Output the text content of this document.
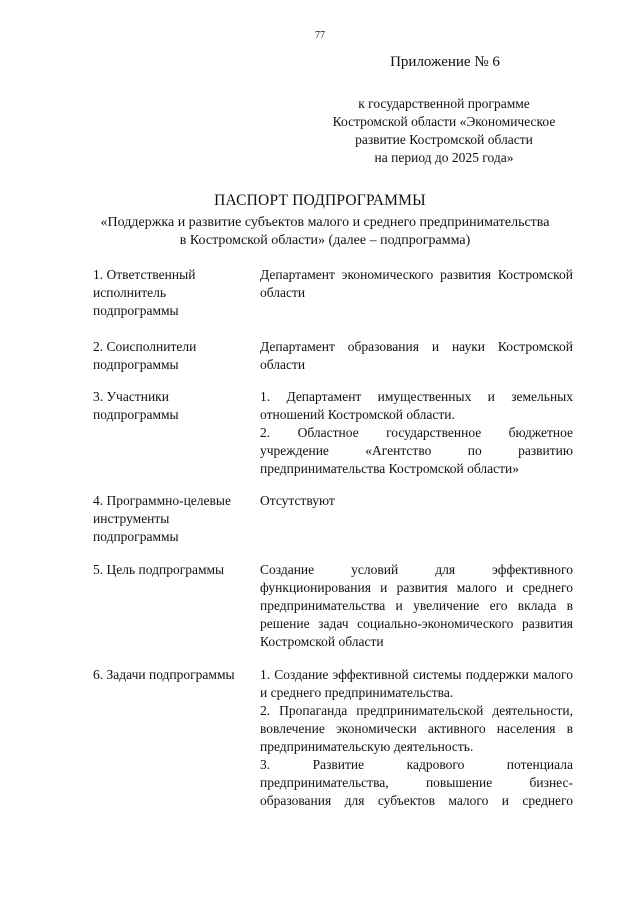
77
Приложение № 6
к государственной программе
Костромской области «Экономическое
развитие Костромской области
на период до 2025 года»
ПАСПОРТ ПОДПРОГРАММЫ
«Поддержка и развитие субъектов малого и среднего предпринимательства
в Костромской области» (далее – подпрограмма)
1. Ответственный исполнитель подпрограммы

Департамент экономического развития Костромской области

2. Соисполнители подпрограммы

Департамент образования и науки Костромской области

3. Участники подпрограммы

1. Департамент имущественных и земельных отношений Костромской области.

2. Областное государственное бюджетное учреждение «Агентство по развитию предпринимательства Костромской области»

4. Программно-целевые инструменты подпрограммы

Отсутствуют

5. Цель подпрограммы	Создание условий для эффективного функционирования и развития малого и среднего предпринимательства и увеличение его вклада в решение задач социально-экономического развития Костромской области

6. Задачи подпрограммы	1. Создание эффективной системы поддержки малого и среднего предпринимательства.

2. Пропаганда предпринимательской деятельности, вовлечение экономически активного населения в предпринимательскую деятельность.

3. Развитие кадрового потенциала предпринимательства, повышение бизнес-образования для субъектов малого и среднего
